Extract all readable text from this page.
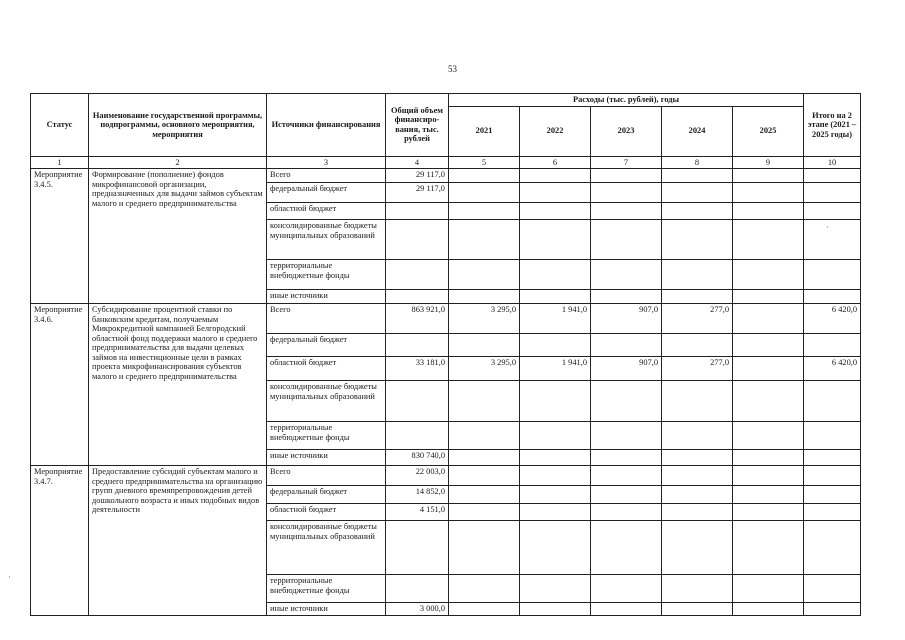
53
Статус	Наименование государственной программы, подпрограммы, основного мероприятия, мероприятия	Источники финансирования	Общий объем финансиро-вания, тыс. рублей	Расходы (тыс. рублей), годы					Итого на 2 этапе (2021 – 2025 годы)
				2021	2022	2023	2024	2025	
1	2	3	4	5	6	7	8	9	10
Мероприятие 3.4.5.	Формирование (пополнение) фондов микрофинансовой организации, предназначенных для выдачи займов субъектам малого и среднего предпринимательства	Всего	29 117,0						
		федеральный бюджет	29 117,0						
		областной бюджет							
		консолидированные бюджеты муниципальных образований							
		территориальные внебюджетные фонды							
		иные источники							
Мероприятие 3.4.6.	Субсидирование процентной ставки по банковским кредитам, получаемым Микрокредитной компанией Белгородский областной фонд поддержки малого и среднего предпринимательства для выдачи целевых займов на инвестиционные цели в рамках проекта микрофинансирования субъектов малого и среднего предпринимательства	Всего	863 921,0	3 295,0	1 941,0	907,0	277,0		6 420,0
		федеральный бюджет							
		областной бюджет	33 181,0	3 295,0	1 941,0	907,0	277,0		6 420,0
		консолидированные бюджеты муниципальных образований							
		территориальные внебюджетные фонды							
		иные источники	830 740,0						
Мероприятие 3.4.7.	Предоставление субсидий субъектам малого и среднего предпринимательства на организацию групп дневного времяпрепровождения детей дошкольного возраста и иных подобных видов деятельности	Всего	22 003,0						
		федеральный бюджет	14 852,0						
		областной бюджет	4 151,0						
		консолидированные бюджеты муниципальных образований							
		территориальные внебюджетные фонды							
		иные источники	3 000,0						
·
·
